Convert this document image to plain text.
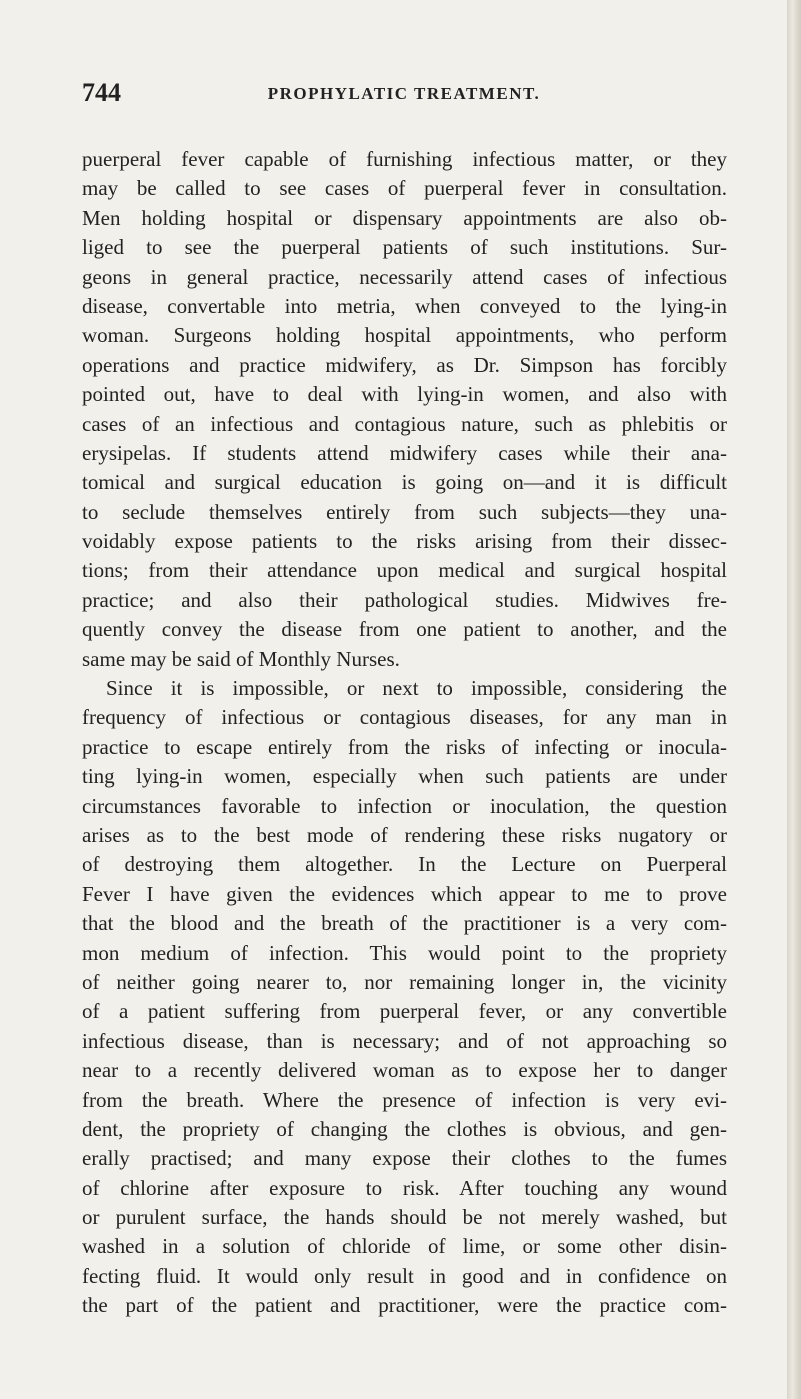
744	PROPHYLATIC TREATMENT.
puerperal fever capable of furnishing infectious matter, or they
may be called to see cases of puerperal fever in consultation.
Men holding hospital or dispensary appointments are also ob-
liged to see the puerperal patients of such institutions. Sur-
geons in general practice, necessarily attend cases of infectious
disease, convertable into metria, when conveyed to the lying-in
woman. Surgeons holding hospital appointments, who perform
operations and practice midwifery, as Dr. Simpson has forcibly
pointed out, have to deal with lying-in women, and also with
cases of an infectious and contagious nature, such as phlebitis or
erysipelas. If students attend midwifery cases while their ana-
tomical and surgical education is going on—and it is difficult
to seclude themselves entirely from such subjects—they una-
voidably expose patients to the risks arising from their dissec-
tions; from their attendance upon medical and surgical hospital
practice; and also their pathological studies. Midwives fre-
quently convey the disease from one patient to another, and the
same may be said of Monthly Nurses.
Since it is impossible, or next to impossible, considering the
frequency of infectious or contagious diseases, for any man in
practice to escape entirely from the risks of infecting or inocula-
ting lying-in women, especially when such patients are under
circumstances favorable to infection or inoculation, the question
arises as to the best mode of rendering these risks nugatory or
of destroying them altogether. In the Lecture on Puerperal
Fever I have given the evidences which appear to me to prove
that the blood and the breath of the practitioner is a very com-
mon medium of infection. This would point to the propriety
of neither going nearer to, nor remaining longer in, the vicinity
of a patient suffering from puerperal fever, or any convertible
infectious disease, than is necessary; and of not approaching so
near to a recently delivered woman as to expose her to danger
from the breath. Where the presence of infection is very evi-
dent, the propriety of changing the clothes is obvious, and gen-
erally practised; and many expose their clothes to the fumes
of chlorine after exposure to risk. After touching any wound
or purulent surface, the hands should be not merely washed, but
washed in a solution of chloride of lime, or some other disin-
fecting fluid. It would only result in good and in confidence on
the part of the patient and practitioner, were the practice com-
